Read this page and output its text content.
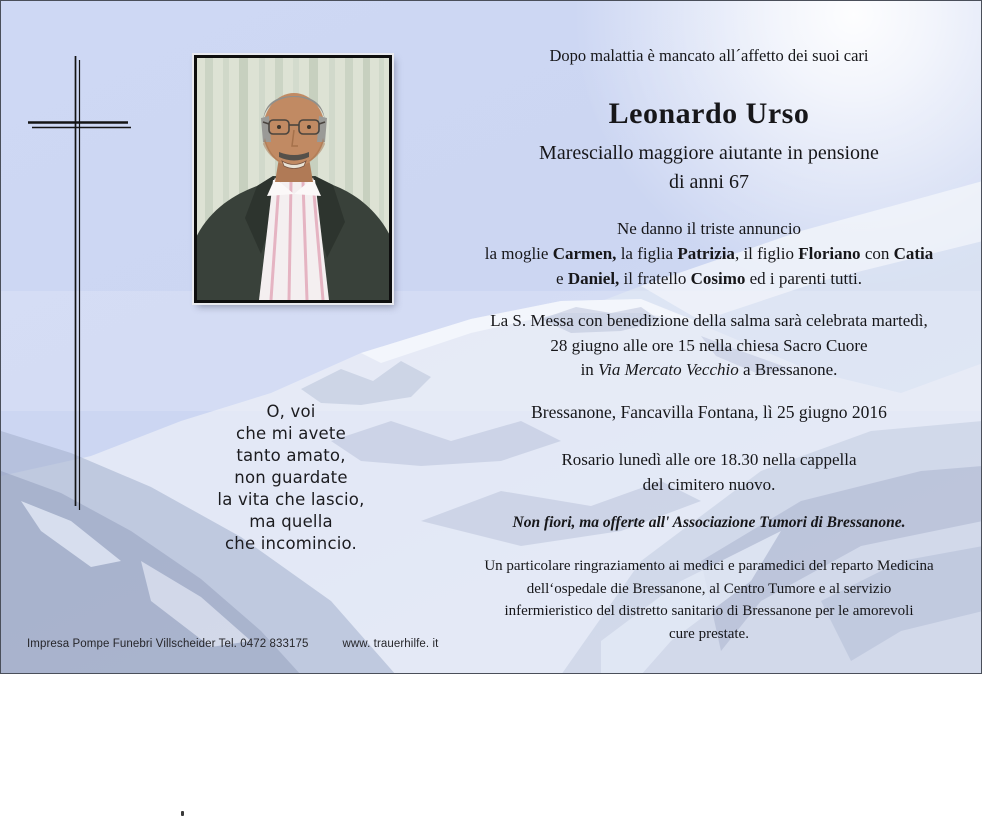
O, voi
che mi avete
tanto amato,
non guardate
la vita che lascio,
ma quella
che incomincio.
Dopo malattia è mancato all´affetto dei suoi cari
Leonardo Urso
Maresciallo maggiore aiutante in pensione
di anni 67
Ne danno il triste annuncio
la moglie Carmen, la figlia Patrizia, il figlio Floriano con Catia
e Daniel, il fratello Cosimo ed i parenti tutti.
La S. Messa con benedizione della salma sarà celebrata martedì,
28 giugno alle ore 15 nella chiesa Sacro Cuore
in Via Mercato Vecchio a Bressanone.
Bressanone, Fancavilla Fontana, lì 25 giugno 2016
Rosario lunedì alle ore 18.30 nella cappella
del cimitero nuovo.
Non fiori, ma offerte all' Associazione Tumori di Bressanone.
Un particolare ringraziamento ai medici e paramedici del reparto Medicina
dell‘ospedale die Bressanone, al Centro Tumore e al servizio
infermieristico del distretto sanitario di Bressanone per le amorevoli
cure prestate.
Impresa Pompe Funebri Villscheider Tel. 0472 833175	www. trauerhilfe. it
